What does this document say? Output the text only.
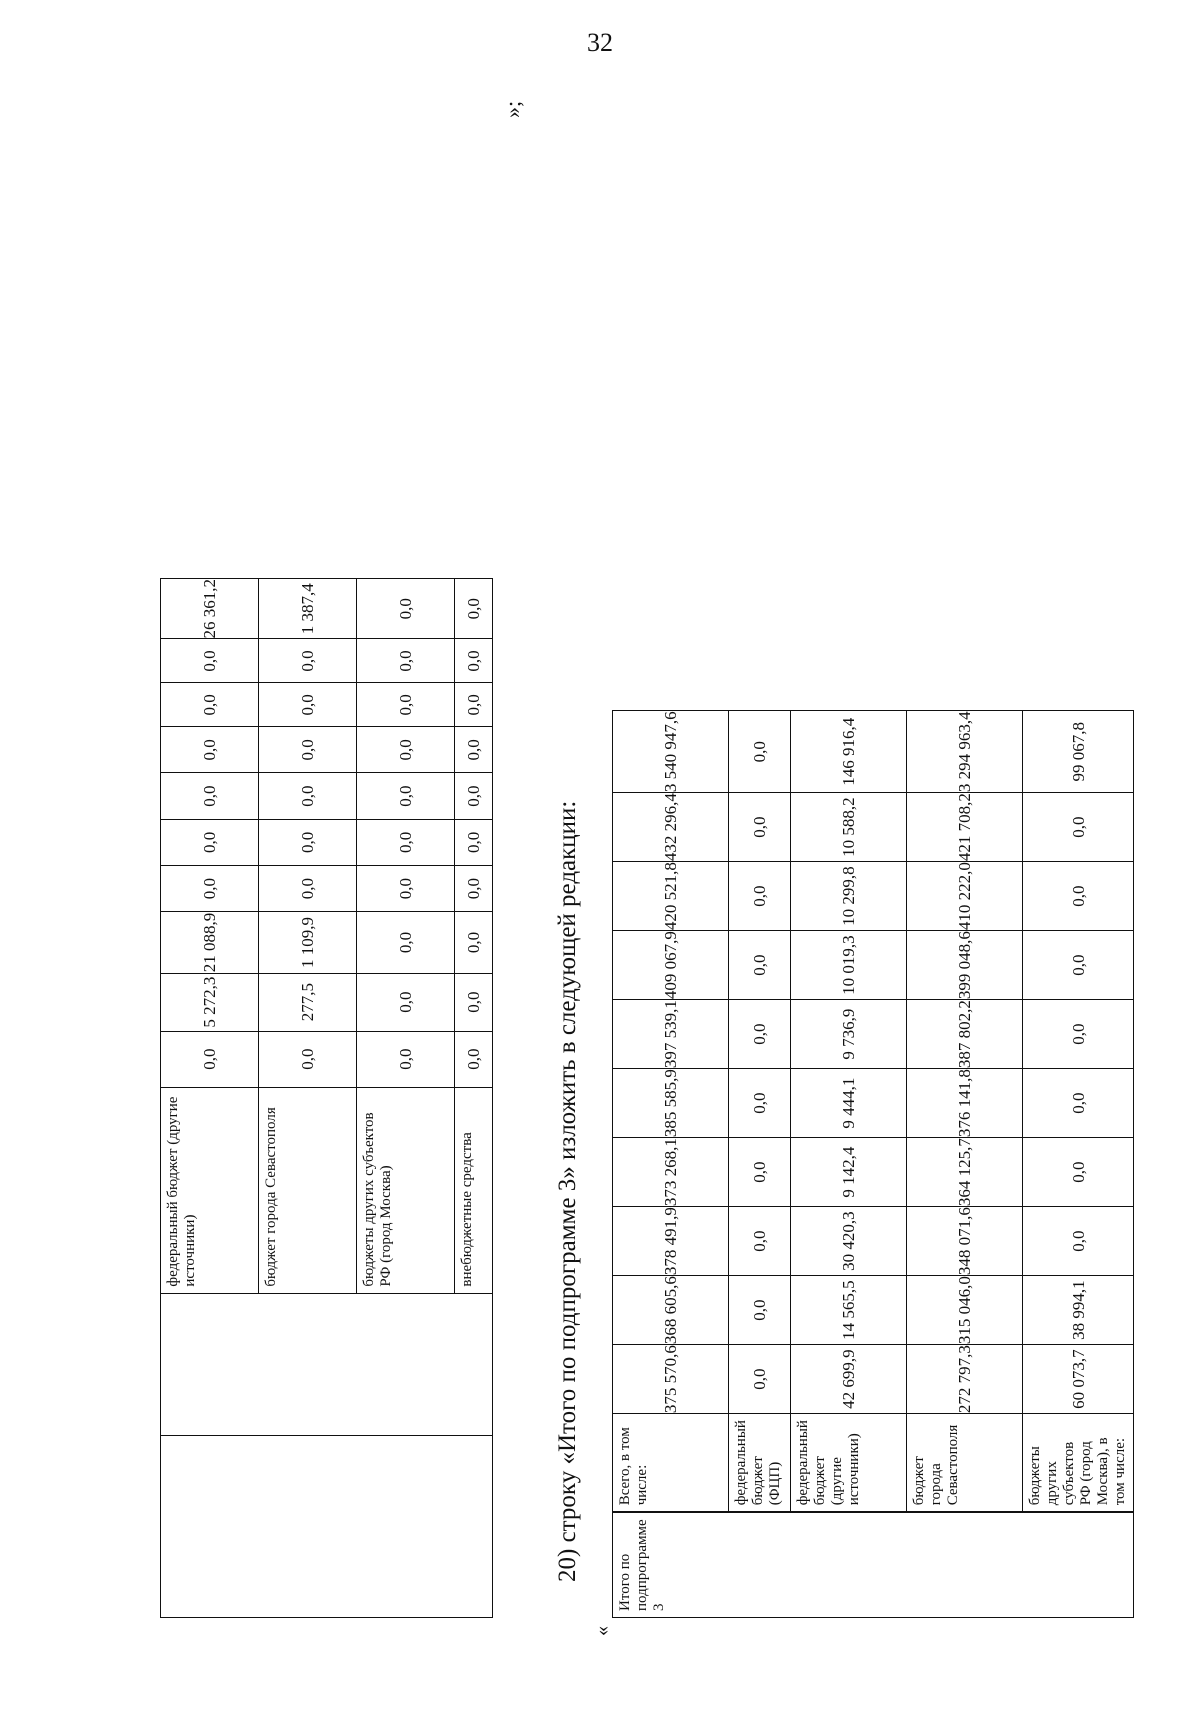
32
		федеральный бюджет (другие источники)	0,0	5 272,3	21 088,9	0,0	0,0	0,0	0,0	0,0	0,0	26 361,2
		бюджет города Севастополя	0,0	277,5	1 109,9	0,0	0,0	0,0	0,0	0,0	0,0	1 387,4
		бюджеты других субъектов РФ (город Москва)	0,0	0,0	0,0	0,0	0,0	0,0	0,0	0,0	0,0	0,0
		внебюджетные средства	0,0	0,0	0,0	0,0	0,0	0,0	0,0	0,0	0,0	0,0
»;
20) строку «Итого по подпрограмме 3» изложить в следующей редакции:
«
Итого по подпрограмме 3		Всего, в том числе:	375 570,6	368 605,6	378 491,9	373 268,1	385 585,9	397 539,1	409 067,9	420 521,8	432 296,4	3 540 947,6
	федеральный бюджет (ФЦП)	0,0	0,0	0,0	0,0	0,0	0,0	0,0	0,0	0,0	0,0
	федеральный бюджет (другие источники)	42 699,9	14 565,5	30 420,3	9 142,4	9 444,1	9 736,9	10 019,3	10 299,8	10 588,2	146 916,4
	бюджет города Севастополя	272 797,3	315 046,0	348 071,6	364 125,7	376 141,8	387 802,2	399 048,6	410 222,0	421 708,2	3 294 963,4
	бюджеты других субъектов РФ (город Москва), в том числе:	60 073,7	38 994,1	0,0	0,0	0,0	0,0	0,0	0,0	0,0	99 067,8
